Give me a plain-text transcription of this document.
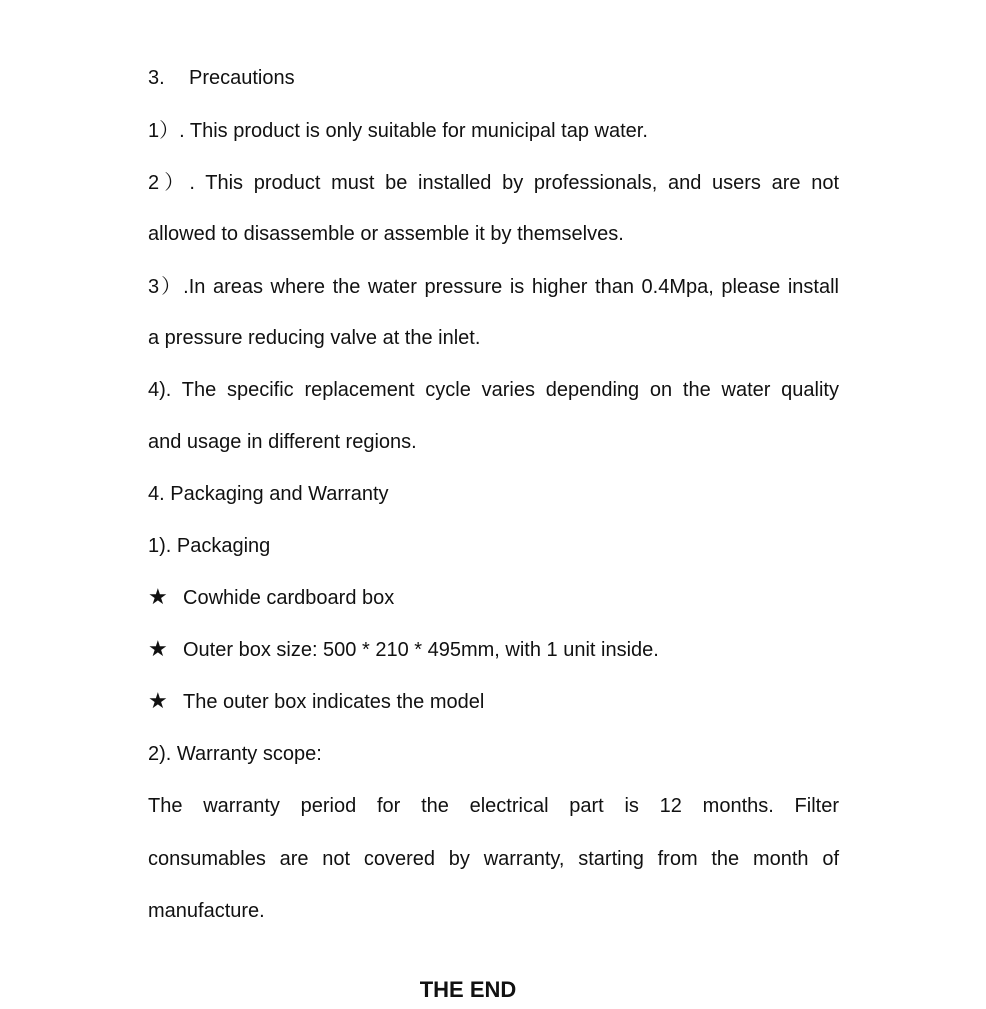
3. Precautions
1）. This product is only suitable for municipal tap water.
2）. This product must be installed by professionals, and users are not
allowed to disassemble or assemble it by themselves.
3）.In areas where the water pressure is higher than 0.4Mpa, please install
a pressure reducing valve at the inlet.
4). The specific replacement cycle varies depending on the water quality
and usage in different regions.
4. Packaging and Warranty
1). Packaging
★ Cowhide cardboard box
★ Outer box size: 500 * 210 * 495mm, with 1 unit inside.
★ The outer box indicates the model
2). Warranty scope:
The warranty period for the electrical part is 12 months. Filter
consumables are not covered by warranty, starting from the month of
manufacture.
THE END
